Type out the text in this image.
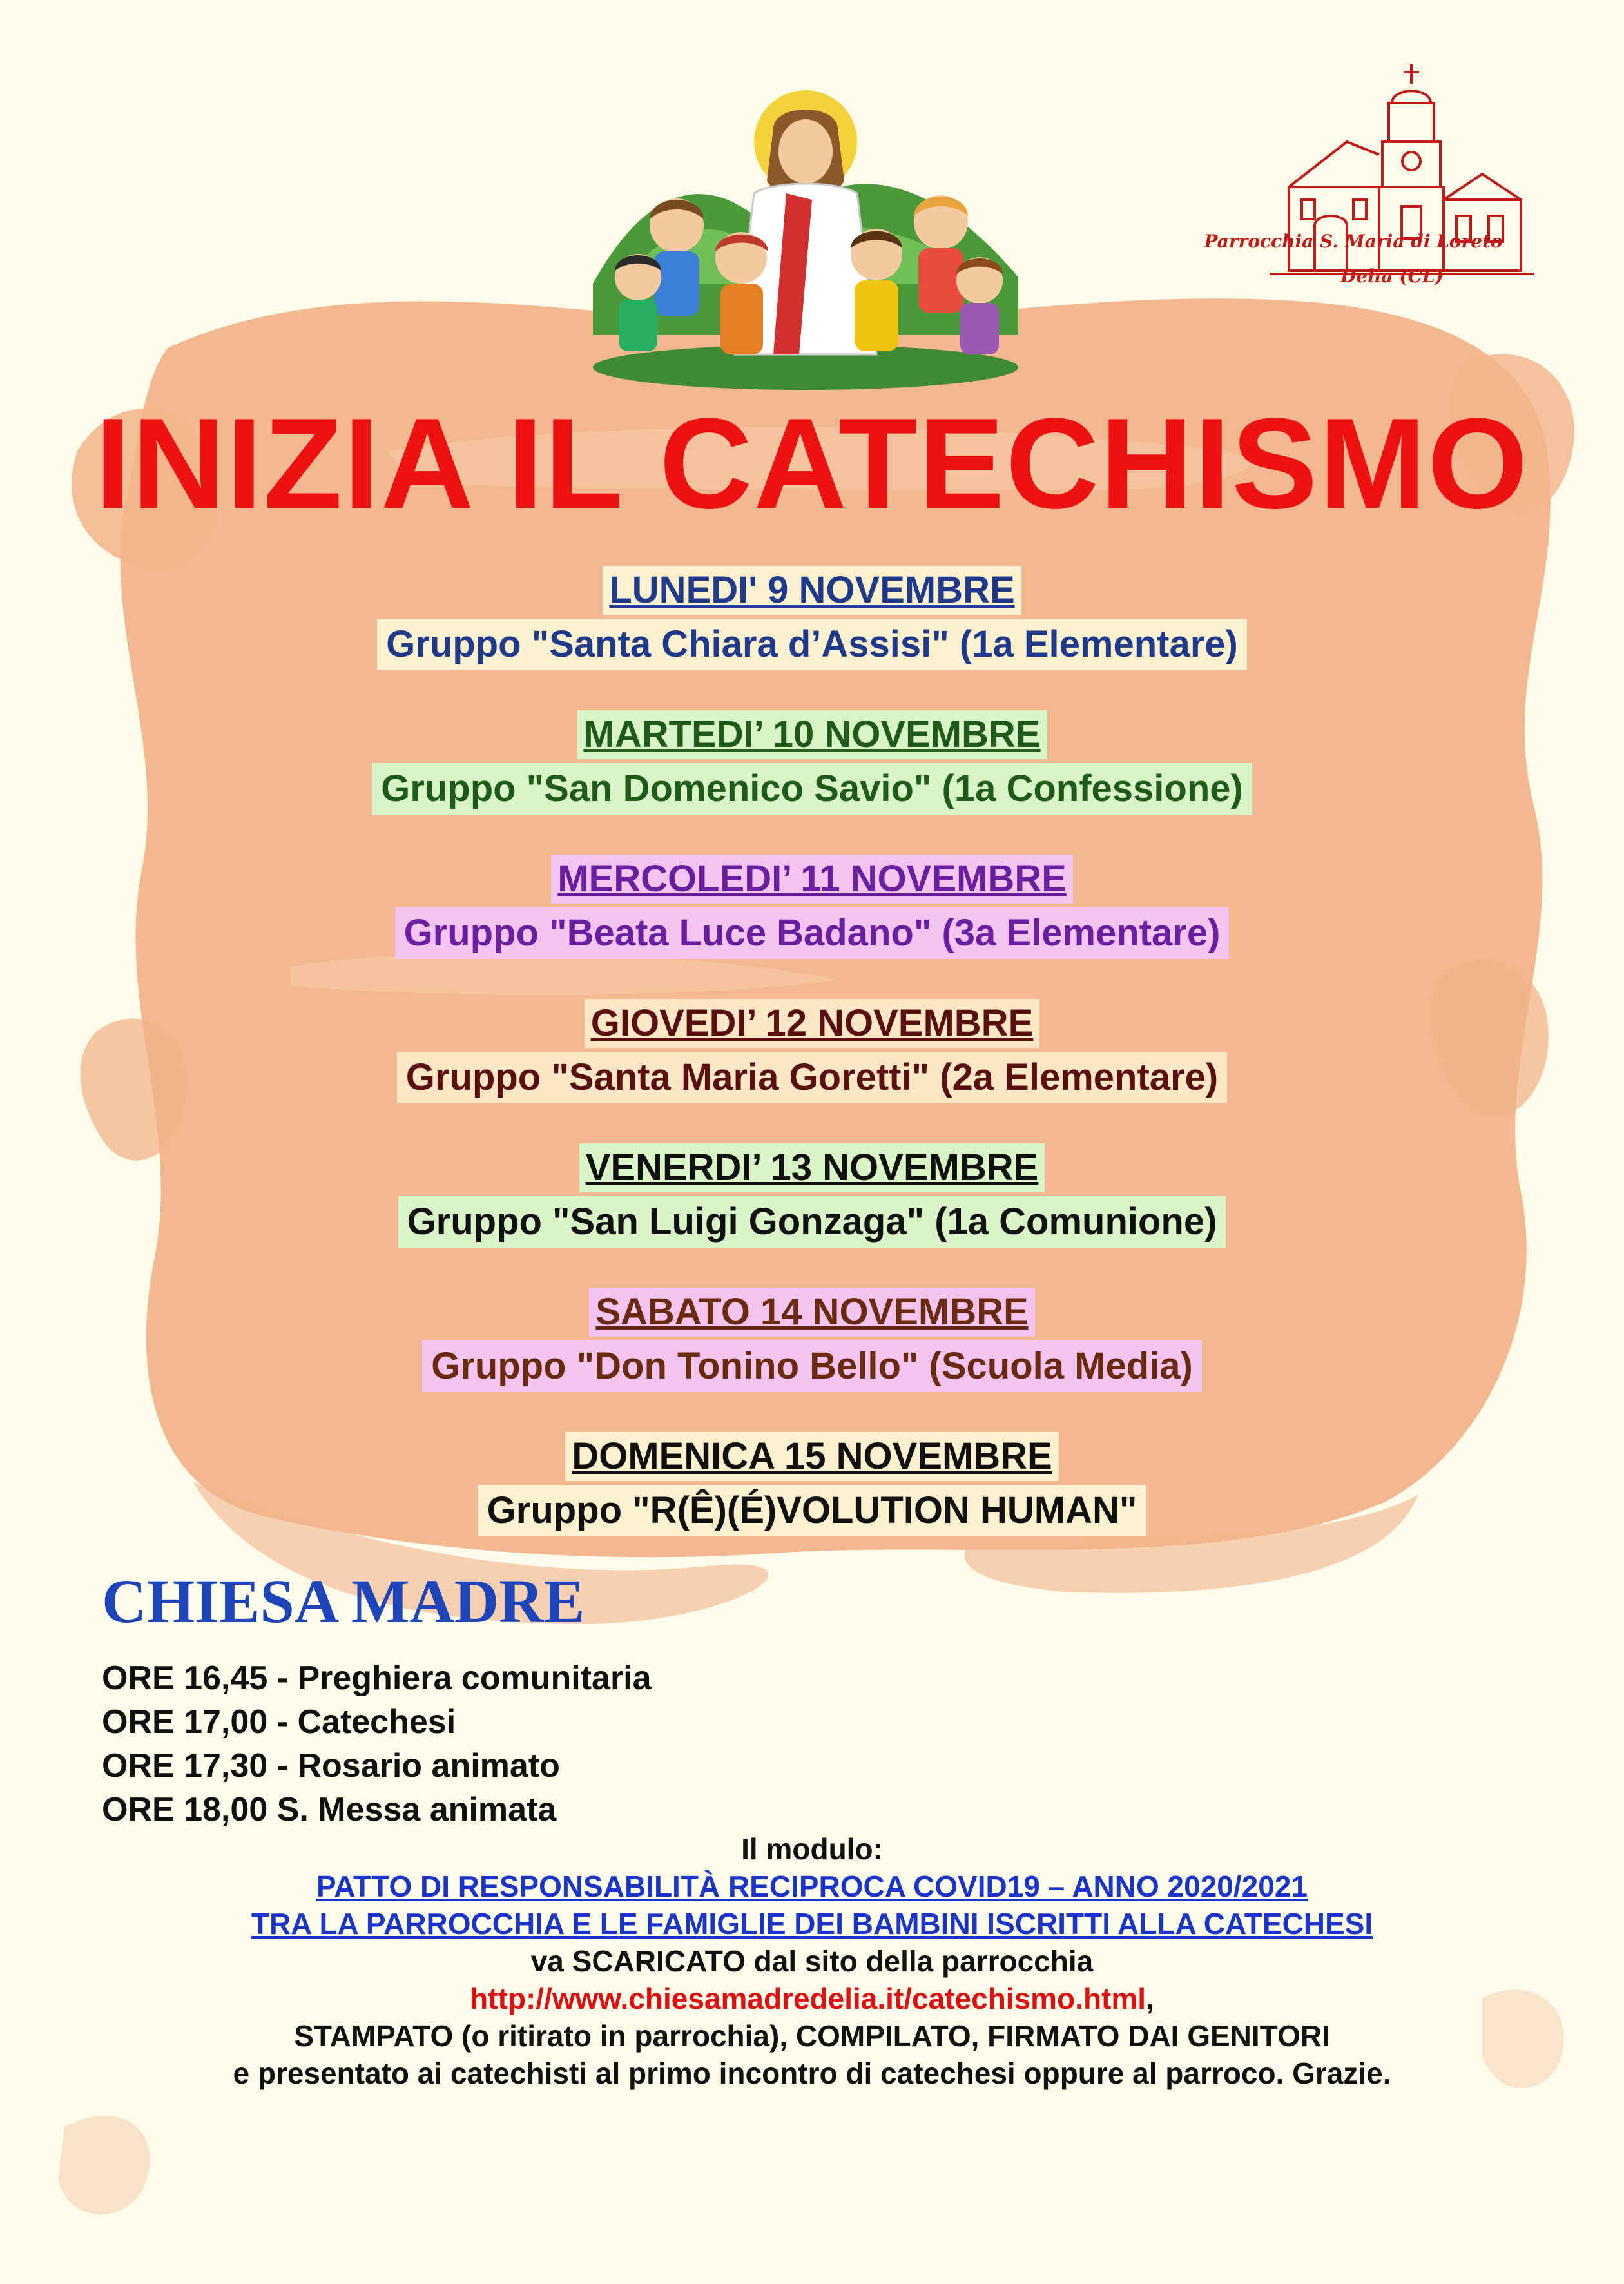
Parrocchia S. Maria di Loreto
Delia (CL)
INIZIA IL CATECHISMO
LUNEDI' 9 NOVEMBRE
Gruppo "Santa Chiara d’Assisi" (1a Elementare)
MARTEDI’ 10 NOVEMBRE
Gruppo "San Domenico Savio" (1a Confessione)
MERCOLEDI’ 11 NOVEMBRE
Gruppo "Beata Luce Badano" (3a Elementare)
GIOVEDI’ 12 NOVEMBRE
Gruppo "Santa Maria Goretti" (2a Elementare)
VENERDI’ 13 NOVEMBRE
Gruppo "San Luigi Gonzaga" (1a Comunione)
SABATO 14 NOVEMBRE
Gruppo "Don Tonino Bello" (Scuola Media)
DOMENICA 15 NOVEMBRE
Gruppo "R(Ê)(É)VOLUTION HUMAN"
CHIESA MADRE
ORE 16,45 - Preghiera comunitaria
ORE 17,00 - Catechesi
ORE 17,30 - Rosario animato
ORE 18,00 S. Messa animata
Il modulo:
PATTO DI RESPONSABILITÀ RECIPROCA COVID19 – ANNO 2020/2021
TRA LA PARROCCHIA E LE FAMIGLIE DEI BAMBINI ISCRITTI ALLA CATECHESI
va SCARICATO dal sito della parrocchia
http://www.chiesamadredelia.it/catechismo.html,
STAMPATO (o ritirato in parrochia), COMPILATO, FIRMATO DAI GENITORI
e presentato ai catechisti al primo incontro di catechesi oppure al parroco. Grazie.
